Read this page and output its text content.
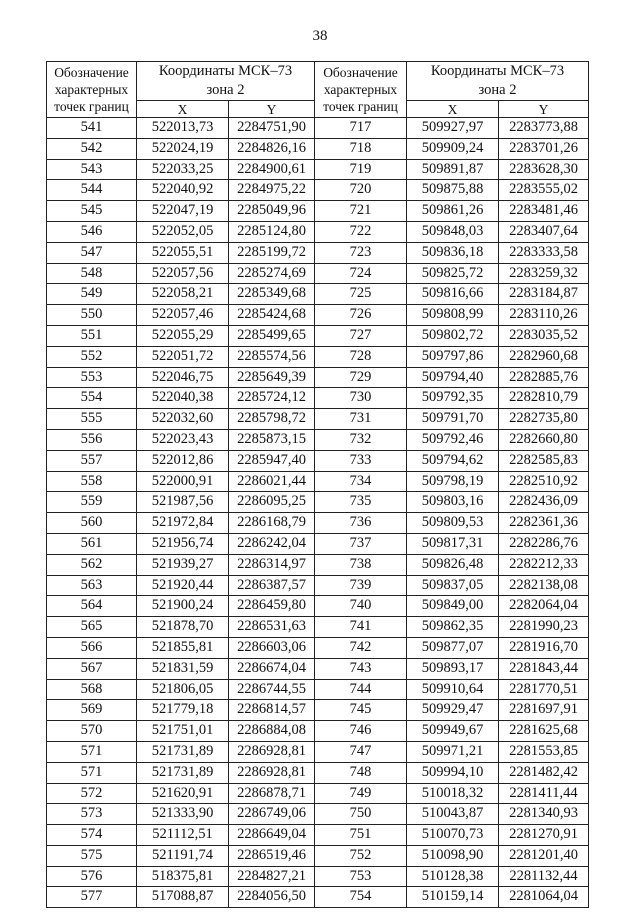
38
Обозначение
характерных
точек границ	Координаты МСК–73
зона 2		Обозначение
характерных
точек границ	Координаты МСК–73
зона 2	
	X	Y		X	Y
541	522013,73	2284751,90	717	509927,97	2283773,88
542	522024,19	2284826,16	718	509909,24	2283701,26
543	522033,25	2284900,61	719	509891,87	2283628,30
544	522040,92	2284975,22	720	509875,88	2283555,02
545	522047,19	2285049,96	721	509861,26	2283481,46
546	522052,05	2285124,80	722	509848,03	2283407,64
547	522055,51	2285199,72	723	509836,18	2283333,58
548	522057,56	2285274,69	724	509825,72	2283259,32
549	522058,21	2285349,68	725	509816,66	2283184,87
550	522057,46	2285424,68	726	509808,99	2283110,26
551	522055,29	2285499,65	727	509802,72	2283035,52
552	522051,72	2285574,56	728	509797,86	2282960,68
553	522046,75	2285649,39	729	509794,40	2282885,76
554	522040,38	2285724,12	730	509792,35	2282810,79
555	522032,60	2285798,72	731	509791,70	2282735,80
556	522023,43	2285873,15	732	509792,46	2282660,80
557	522012,86	2285947,40	733	509794,62	2282585,83
558	522000,91	2286021,44	734	509798,19	2282510,92
559	521987,56	2286095,25	735	509803,16	2282436,09
560	521972,84	2286168,79	736	509809,53	2282361,36
561	521956,74	2286242,04	737	509817,31	2282286,76
562	521939,27	2286314,97	738	509826,48	2282212,33
563	521920,44	2286387,57	739	509837,05	2282138,08
564	521900,24	2286459,80	740	509849,00	2282064,04
565	521878,70	2286531,63	741	509862,35	2281990,23
566	521855,81	2286603,06	742	509877,07	2281916,70
567	521831,59	2286674,04	743	509893,17	2281843,44
568	521806,05	2286744,55	744	509910,64	2281770,51
569	521779,18	2286814,57	745	509929,47	2281697,91
570	521751,01	2286884,08	746	509949,67	2281625,68
571	521731,89	2286928,81	747	509971,21	2281553,85
571	521731,89	2286928,81	748	509994,10	2281482,42
572	521620,91	2286878,71	749	510018,32	2281411,44
573	521333,90	2286749,06	750	510043,87	2281340,93
574	521112,51	2286649,04	751	510070,73	2281270,91
575	521191,74	2286519,46	752	510098,90	2281201,40
576	518375,81	2284827,21	753	510128,38	2281132,44
577	517088,87	2284056,50	754	510159,14	2281064,04
